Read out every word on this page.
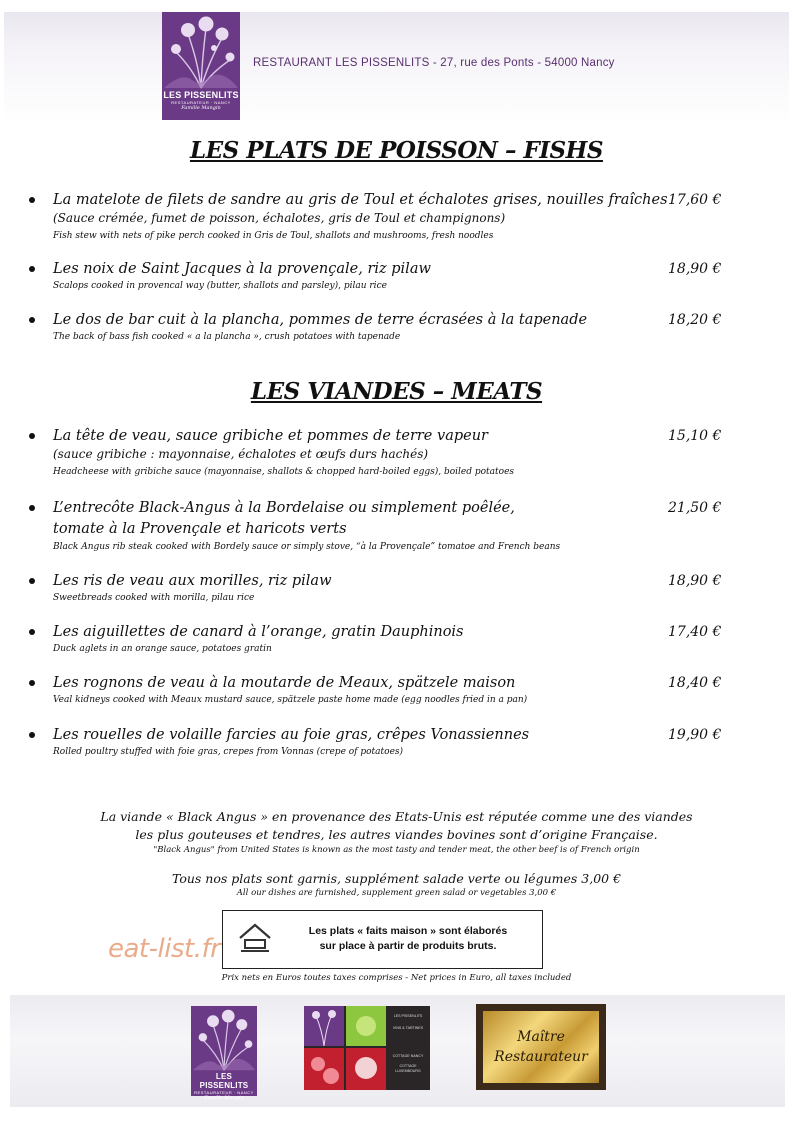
LES PISSENLITS
RESTAURATEUR · NANCY
Famille Mangin
RESTAURANT LES PISSENLITS - 27, rue des Ponts - 54000 Nancy
LES PLATS DE POISSON – FISHS
La matelote de filets de sandre au gris de Toul et échalotes grises, nouilles fraîches 17,60 €
(Sauce crémée, fumet de poisson, échalotes, gris de Toul et champignons)
Fish stew with nets of pike perch cooked in Gris de Toul, shallots and mushrooms, fresh noodles
Les noix de Saint Jacques à la provençale, riz pilaw	18,90 €
Scalops cooked in provencal way (butter, shallots and parsley), pilau rice
Le dos de bar cuit à la plancha, pommes de terre écrasées à la tapenade	18,20 €
The back of bass fish cooked « a la plancha », crush potatoes with tapenade
LES VIANDES – MEATS
La tête de veau, sauce gribiche et pommes de terre vapeur	15,10 €
(sauce gribiche : mayonnaise, échalotes et œufs durs hachés)
Headcheese with gribiche sauce (mayonnaise, shallots & chopped hard-boiled eggs), boiled potatoes
L’entrecôte Black-Angus à la Bordelaise ou simplement poêlée,
tomate à la Provençale et haricots verts
21,50 €
Black Angus rib steak cooked with Bordely sauce or simply stove, “à la Provençale” tomatoe and French beans
Les ris de veau aux morilles, riz pilaw	18,90 €
Sweetbreads cooked with morilla, pilau rice
Les aiguillettes de canard à l’orange, gratin Dauphinois	17,40 €
Duck aglets in an orange sauce, potatoes gratin
Les rognons de veau à la moutarde de Meaux, spätzele maison	18,40 €
Veal kidneys cooked with Meaux mustard sauce, spätzele paste home made (egg noodles fried in a pan)
Les rouelles de volaille farcies au foie gras, crêpes Vonassiennes	19,90 €
Rolled poultry stuffed with foie gras, crepes from Vonnas (crepe of potatoes)
La viande « Black Angus » en provenance des Etats-Unis est réputée comme une des viandes
les plus gouteuses et tendres, les autres viandes bovines sont d’origine Française.
"Black Angus" from United States is known as the most tasty and tender meat, the other beef is of French origin
Tous nos plats sont garnis, supplément salade verte ou légumes 3,00 €
All our dishes are furnished, supplement green salad or vegetables 3,00 €
Les plats « faits maison » sont élaborés
sur place à partir de produits bruts.
eat-list.fr
Prix nets en Euros toutes taxes comprises - Net prices in Euro, all taxes included
LES PISSENLITS
RESTAURATEUR · NANCY
Famille Mangin
LES PISSENLITS
VINS & TARTINES
COTTAGE NANCY
COTTAGE LUXEMBOURG
Maître
Restaurateur
